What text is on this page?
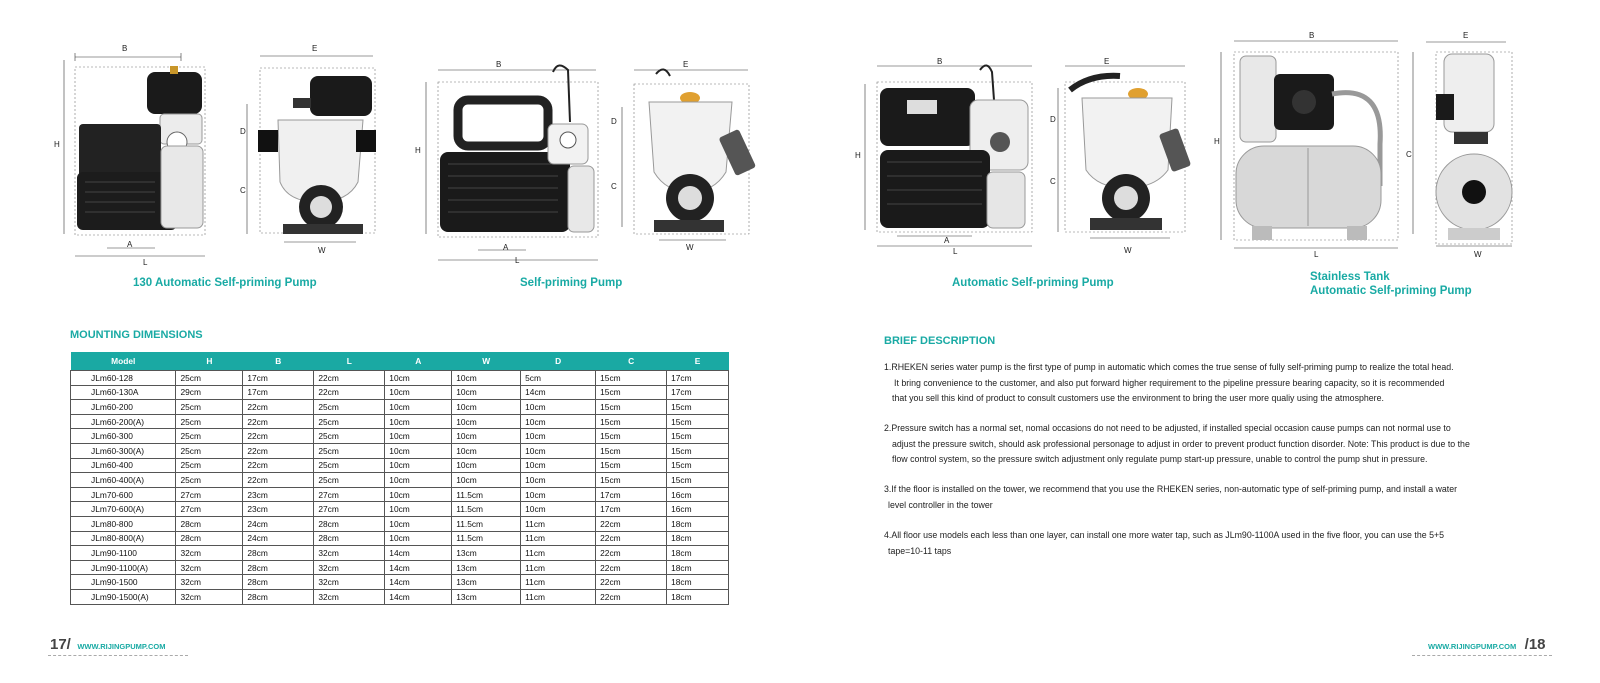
B
H
A
L
E
D
C
W
130 Automatic Self-priming Pump
B
H
A
L
E
D
C
W
Self-priming Pump
B
H
A
L
E
D
C
W
Automatic Self-priming Pump
B
H
L
E
C
W
Stainless Tank
Automatic Self-priming Pump
MOUNTING DIMENSIONS
Model	H	B	L	A	W	D	C	E
JLm60-128	25cm	17cm	22cm	10cm	10cm	5cm	15cm	17cm
JLm60-130A	29cm	17cm	22cm	10cm	10cm	14cm	15cm	17cm
JLm60-200	25cm	22cm	25cm	10cm	10cm	10cm	15cm	15cm
JLm60-200(A)	25cm	22cm	25cm	10cm	10cm	10cm	15cm	15cm
JLm60-300	25cm	22cm	25cm	10cm	10cm	10cm	15cm	15cm
JLm60-300(A)	25cm	22cm	25cm	10cm	10cm	10cm	15cm	15cm
JLm60-400	25cm	22cm	25cm	10cm	10cm	10cm	15cm	15cm
JLm60-400(A)	25cm	22cm	25cm	10cm	10cm	10cm	15cm	15cm
JLm70-600	27cm	23cm	27cm	10cm	11.5cm	10cm	17cm	16cm
JLm70-600(A)	27cm	23cm	27cm	10cm	11.5cm	10cm	17cm	16cm
JLm80-800	28cm	24cm	28cm	10cm	11.5cm	11cm	22cm	18cm
JLm80-800(A)	28cm	24cm	28cm	10cm	11.5cm	11cm	22cm	18cm
JLm90-1100	32cm	28cm	32cm	14cm	13cm	11cm	22cm	18cm
JLm90-1100(A)	32cm	28cm	32cm	14cm	13cm	11cm	22cm	18cm
JLm90-1500	32cm	28cm	32cm	14cm	13cm	11cm	22cm	18cm
JLm90-1500(A)	32cm	28cm	32cm	14cm	13cm	11cm	22cm	18cm
BRIEF DESCRIPTION

1.RHEKEN series water pump is the first type of pump in automatic which comes the true sense of fully self-priming pump to realize the total head.

It bring convenience to the customer, and also put forward higher requirement to the pipeline pressure bearing capacity, so it is recommended

that you sell this kind of product to consult customers use the environment to bring the user more qualiy using the atmosphere.

2.Pressure switch has a normal set, nomal occasions do not need to be adjusted, if installed special occasion cause pumps can not normal use to

adjust the pressure switch, should ask professional personage to adjust in order to prevent product function disorder. Note: This product is due to the

flow control system, so the pressure switch adjustment only regulate pump start-up pressure, unable to control the pump shut in pressure.

3.If the floor is installed on the tower, we recommend that you use the RHEKEN series, non-automatic type of self-priming pump, and install a water

level controller in the tower

4.All floor use models each less than one layer, can install one more water tap, such as JLm90-1100A used in the five floor, you can use the 5+5

tape=10-11 taps

17/ WWW.RIJINGPUMP.COM	WWW.RIJINGPUMP.COM /18
